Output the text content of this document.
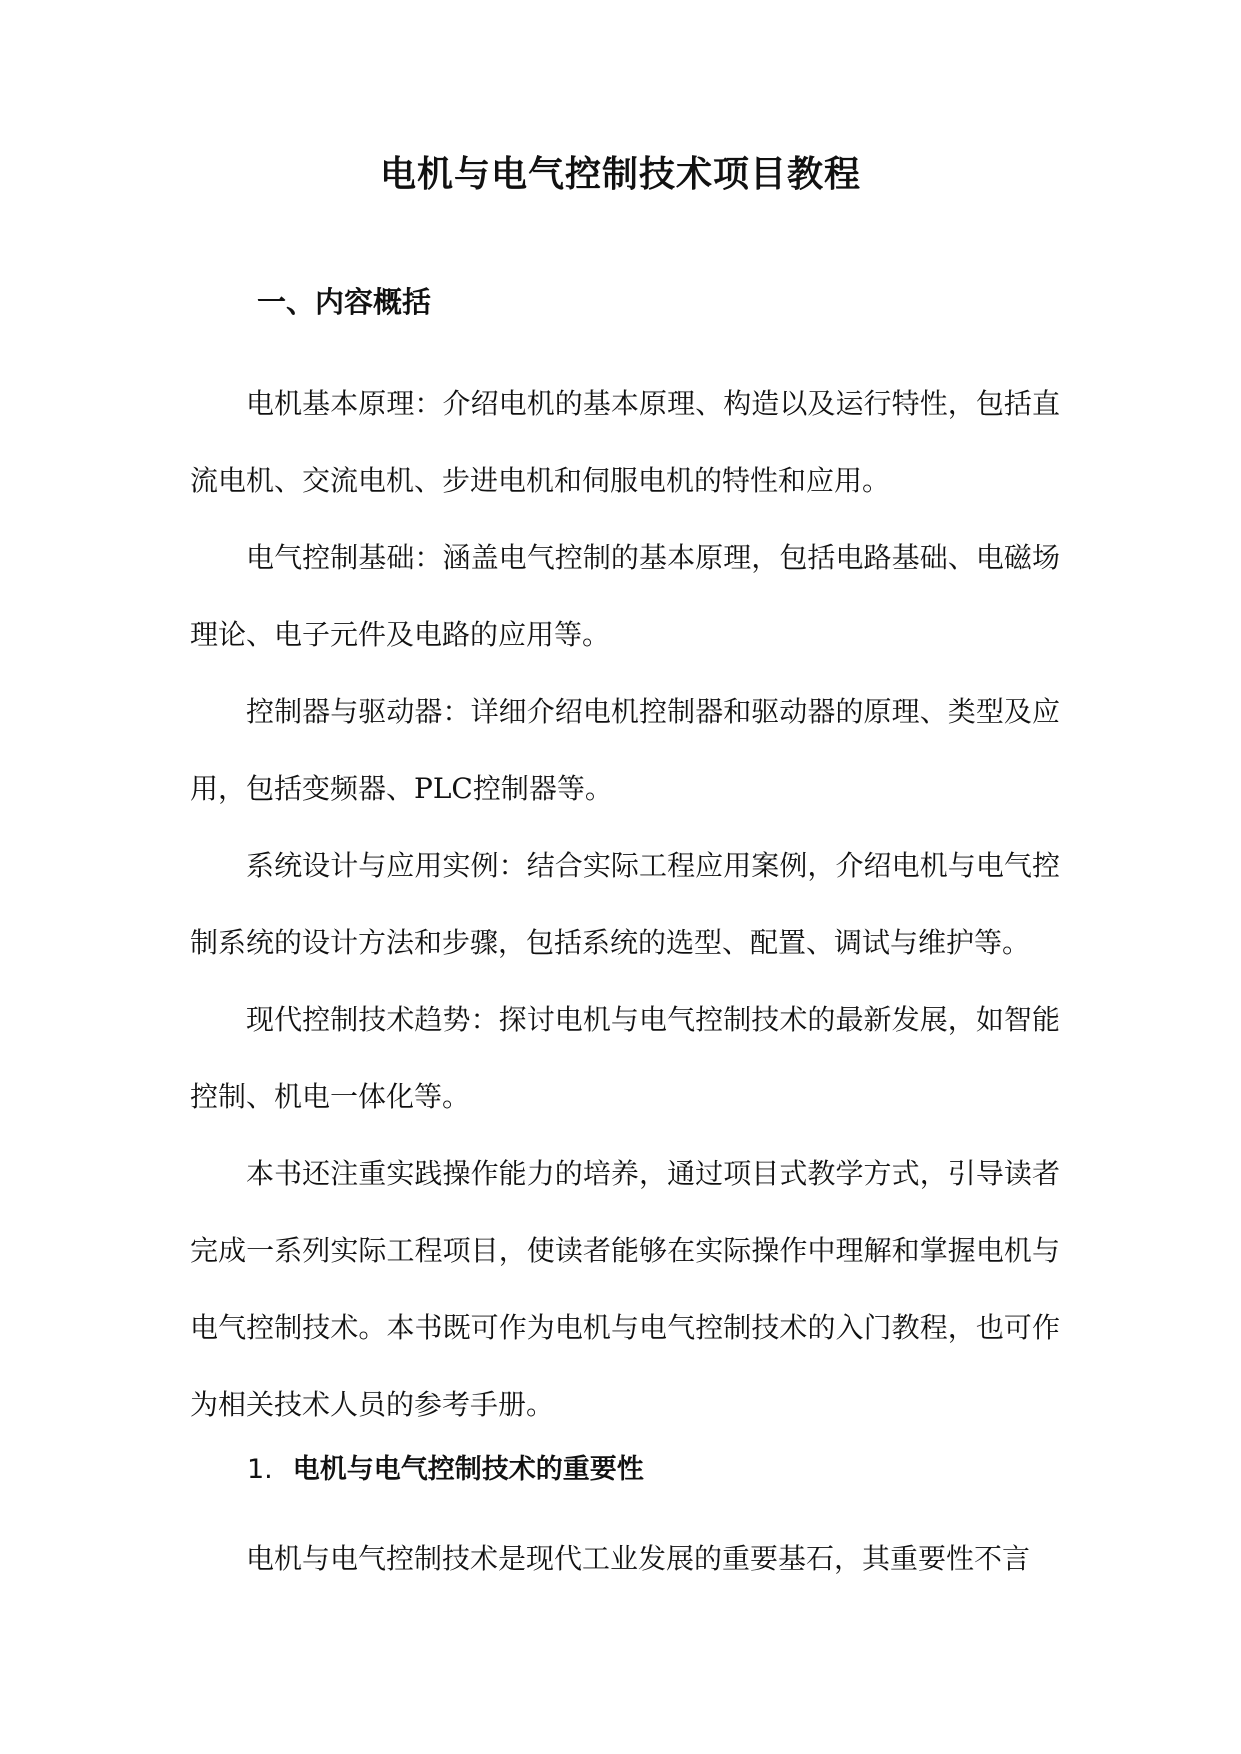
电机与电气控制技术项目教程
一、内容概括

电机基本原理：介绍电机的基本原理、构造以及运行特性，包括直流电机、交流电机、步进电机和伺服电机的特性和应用。

电气控制基础：涵盖电气控制的基本原理，包括电路基础、电磁场理论、电子元件及电路的应用等。

控制器与驱动器：详细介绍电机控制器和驱动器的原理、类型及应用，包括变频器、PLC控制器等。

系统设计与应用实例：结合实际工程应用案例，介绍电机与电气控制系统的设计方法和步骤，包括系统的选型、配置、调试与维护等。

现代控制技术趋势：探讨电机与电气控制技术的最新发展，如智能控制、机电一体化等。

本书还注重实践操作能力的培养，通过项目式教学方式，引导读者完成一系列实际工程项目，使读者能够在实际操作中理解和掌握电机与电气控制技术。本书既可作为电机与电气控制技术的入门教程，也可作为相关技术人员的参考手册。

1. 电机与电气控制技术的重要性

电机与电气控制技术是现代工业发展的重要基石，其重要性不言
